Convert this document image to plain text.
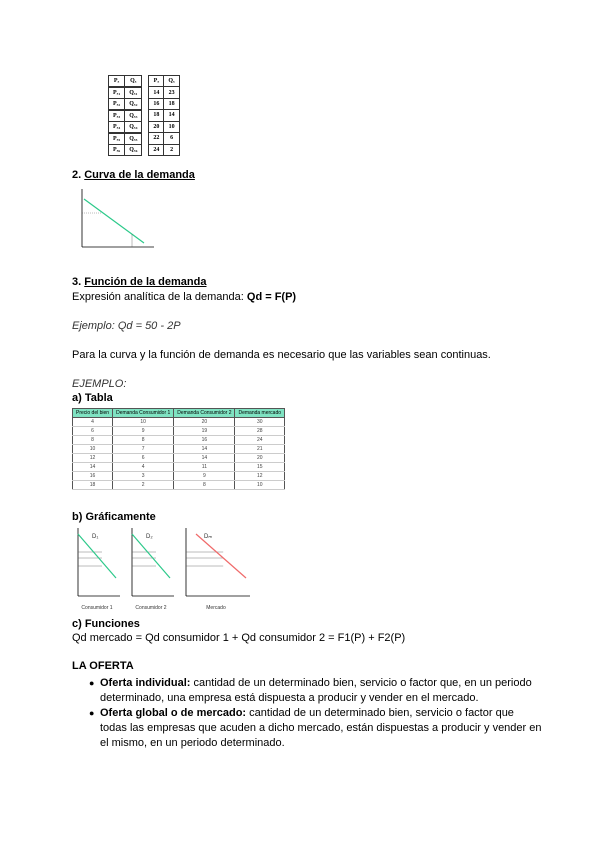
Pₓ	Qₓ
Pₓ₁	Qₓ₁
Pₓ₂	Qₓ₂
Pₓ₃	Qₓ₃
Pₓ₄	Qₓ₄
Pₓ₅	Qₓ₅
Pₓ₆	Qₓ₆
Pₓ	Qₓ
14	23
16	18
18	14
20	10
22	6
24	2
2. Curva de la demanda
3. Función de la demanda
Expresión analítica de la demanda: Qd = F(P)
Ejemplo: Qd = 50 - 2P
Para la curva y la función de demanda es necesario que las variables sean continuas.
EJEMPLO:
a) Tabla
Precio del bien	Demanda Consumidor 1	Demanda Consumidor 2	Demanda mercado
4	10	20	30
6	9	19	28
8	8	16	24
10	7	14	21
12	6	14	20
14	4	11	15
16	3	9	12
18	2	8	10
b) Gráficamente
D₁
Consumidor 1
D₂
Consumidor 2
Dₘ
Mercado
c) Funciones
Qd mercado = Qd consumidor 1 + Qd consumidor 2 = F1(P) + F2(P)
LA OFERTA
● Oferta individual: cantidad de un determinado bien, servicio o factor que, en un periodo determinado, una empresa está dispuesta a producir y vender en el mercado.
● Oferta global o de mercado: cantidad de un determinado bien, servicio o factor que todas las empresas que acuden a dicho mercado, están dispuestas a producir y vender en el mismo, en un periodo determinado.
